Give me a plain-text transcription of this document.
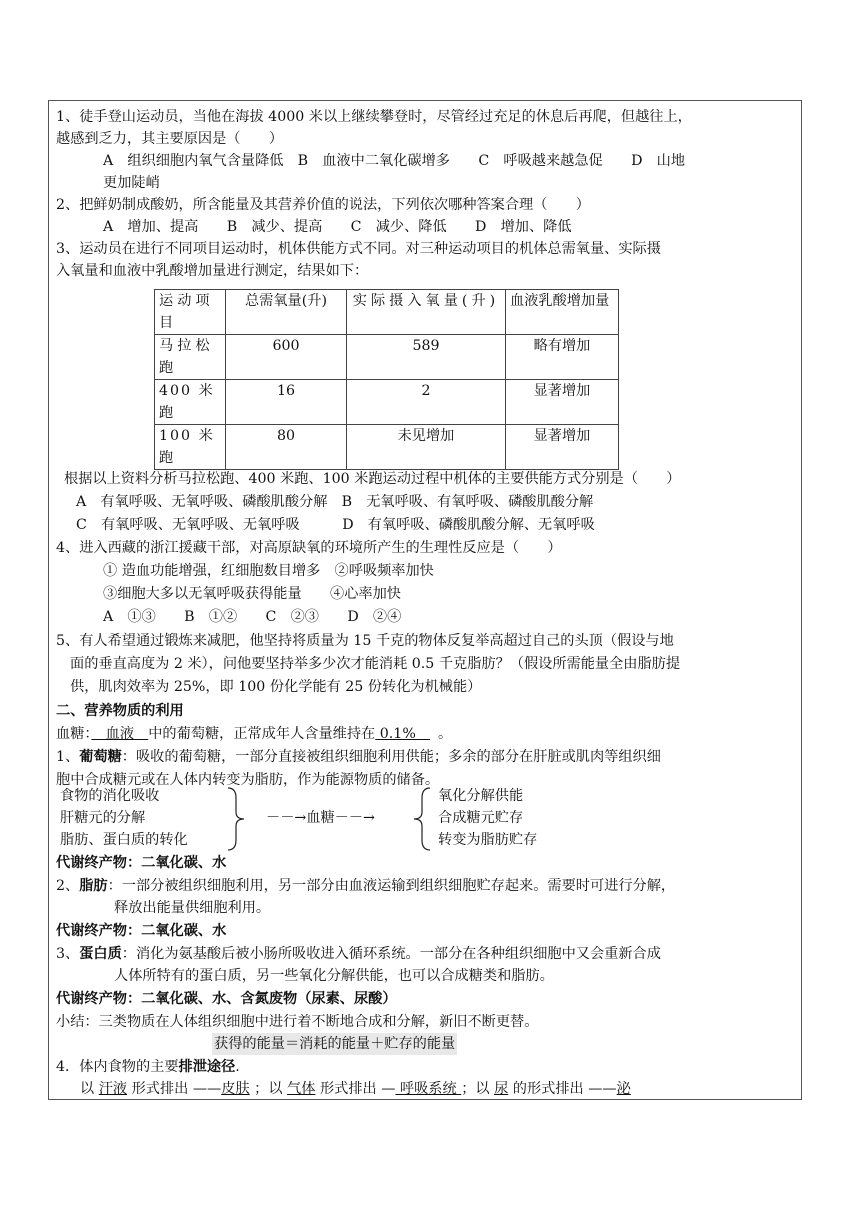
1、徒手登山运动员，当他在海拔 4000 米以上继续攀登时，尽管经过充足的休息后再爬，但越往上，
越感到乏力，其主要原因是（　　）
A　组织细胞内氧气含量降低　B　血液中二氧化碳增多　　C　呼吸越来越急促　　D　山地
更加陡峭
2、把鲜奶制成酸奶，所含能量及其营养价值的说法，下列依次哪种答案合理（　　）
A　增加、提高　　B　减少、提高　　C　减少、降低　　D　增加、降低
3、运动员在进行不同项目运动时，机体供能方式不同。对三种运动项目的机体总需氧量、实际摄
入氧量和血液中乳酸增加量进行测定，结果如下：
运动项目	总需氧量(升)	实际摄入氧量(升)	血液乳酸增加量
马拉松跑	600	589	略有增加
400 米跑	16	2	显著增加
100 米跑	80	未见增加	显著增加
根据以上资料分析马拉松跑、400 米跑、100 米跑运动过程中机体的主要供能方式分别是（　　）
A　有氧呼吸、无氧呼吸、磷酸肌酸分解　B　无氧呼吸、有氧呼吸、磷酸肌酸分解
C　有氧呼吸、无氧呼吸、无氧呼吸　　　D　有氧呼吸、磷酸肌酸分解、无氧呼吸
4、进入西藏的浙江援藏干部，对高原缺氧的环境所产生的生理性反应是（　　）
① 造血功能增强，红细胞数目增多　②呼吸频率加快
③细胞大多以无氧呼吸获得能量　　④心率加快
A　①③　　B　①②　　C　②③　　D　②④
5、有人希望通过锻炼来减肥，他坚持将质量为 15 千克的物体反复举高超过自己的头顶（假设与地
面的垂直高度为 2 米），问他要坚持举多少次才能消耗 0.5 千克脂肪？（假设所需能量全由脂肪提
供，肌肉效率为 25%，即 100 份化学能有 25 份转化为机械能）
二、营养物质的利用
血糖：　血液　中的葡萄糖，正常成年人含量维持在 0.1%　。
1、葡萄糖：吸收的葡萄糖，一部分直接被组织细胞利用供能；多余的部分在肝脏或肌肉等组织细
胞中合成糖元或在人体内转变为脂肪，作为能源物质的储备。
食物的消化吸收
肝糖元的分解
脂肪、蛋白质的转化
－－→血糖－－→
氧化分解供能
合成糖元贮存
转变为脂肪贮存
代谢终产物：二氧化碳、水
2、脂肪：一部分被组织细胞利用，另一部分由血液运输到组织细胞贮存起来。需要时可进行分解，
释放出能量供细胞利用。
代谢终产物：二氧化碳、水
3、蛋白质：消化为氨基酸后被小肠所吸收进入循环系统。一部分在各种组织细胞中又会重新合成
人体所特有的蛋白质，另一些氧化分解供能，也可以合成糖类和脂肪。
代谢终产物：二氧化碳、水、含氮废物（尿素、尿酸）
小结：三类物质在人体组织细胞中进行着不断地合成和分解，新旧不断更替。
获得的能量＝消耗的能量＋贮存的能量
4．体内食物的主要排泄途径.
以 汗液 形式排出 ——皮肤 ；以 气体 形式排出 — 呼吸系统 ；以 尿 的形式排出 ——泌
